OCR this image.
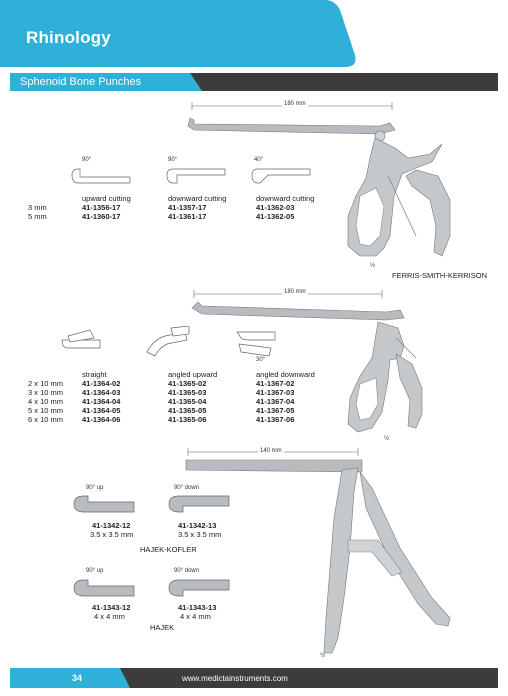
Rhinology
Sphenoid Bone Punches
180 mm
90°	90°	40°
upward cutting	downward cutting	downward cutting
3 mm	41-1356-17	41-1357-17	41-1362-03
5 mm	41-1360-17	41-1361-17	41-1362-05
½
FERRIS-SMITH-KERRISON
180 mm
30°
straight	angled upward	angled downward
2 x 10 mm	41-1364-02	41-1365-02	41-1367-02
3 x 10 mm	41-1364-03	41-1365-03	41-1367-03
4 x 10 mm	41-1364-04	41-1365-04	41-1367-04
5 x 10 mm	41-1364-05	41-1365-05	41-1367-05
6 x 10 mm	41-1364-06	41-1365-06	41-1367-06
½
140 mm
90° up	90° down
41-1342-12	41-1342-13
3.5 x 3.5 mm	3.5 x 3.5 mm
HAJEK-KOFLER
90° up	90° down
41-1343-12	41-1343-13
4 x 4 mm	4 x 4 mm
HAJEK
½
34	www.medictainstruments.com
